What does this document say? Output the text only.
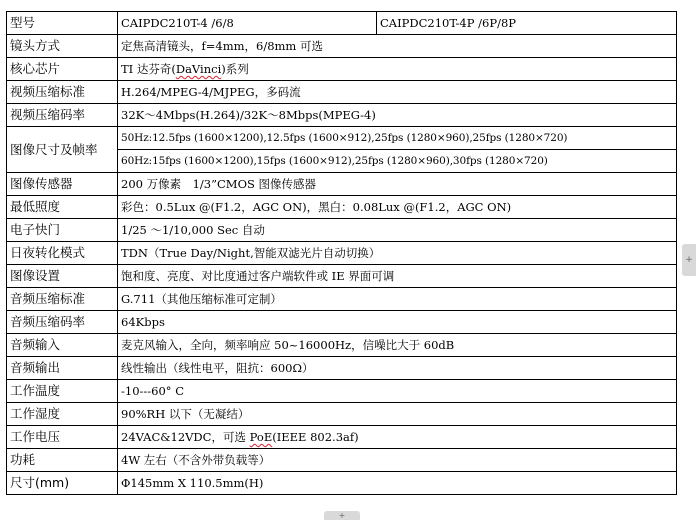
型号	CAIPDC210T-4 /6/8	CAIPDC210T-4P /6P/8P
镜头方式	定焦高清镜头，f=4mm，6/8mm 可选	
核心芯片	TI 达芬奇(DaVinci)系列	
视频压缩标准	H.264/MPEG-4/MJPEG，多码流	
视频压缩码率	32K～4Mbps(H.264)/32K～8Mbps(MPEG-4)	
图像尺寸及帧率	50Hz:12.5fps (1600×1200),12.5fps (1600×912),25fps (1280×960),25fps (1280×720)	
	60Hz:15fps (1600×1200),15fps (1600×912),25fps (1280×960),30fps (1280×720)	
图像传感器	200 万像素　1/3”CMOS 图像传感器	
最低照度	彩色：0.5Lux @(F1.2，AGC ON)，黑白：0.08Lux @(F1.2，AGC ON)	
电子快门	1/25 ～1/10,000 Sec 自动	
日夜转化模式	TDN（True Day/Night,智能双滤光片自动切换）	
图像设置	饱和度、亮度、对比度通过客户端软件或 IE 界面可调	
音频压缩标准	G.711（其他压缩标准可定制）	
音频压缩码率	64Kbps	
音频输入	麦克风输入，全向，频率响应 50~16000Hz，信噪比大于 60dB	
音频输出	线性输出（线性电平，阻抗：600Ω）	
工作温度	-10---60° C	
工作湿度	90%RH 以下（无凝结）	
工作电压	24VAC&12VDC，可选 PoE(IEEE 802.3af)	
功耗	4W 左右（不含外带负载等）	
尺寸(mm)	Φ145mm X 110.5mm(H)	
+
+
